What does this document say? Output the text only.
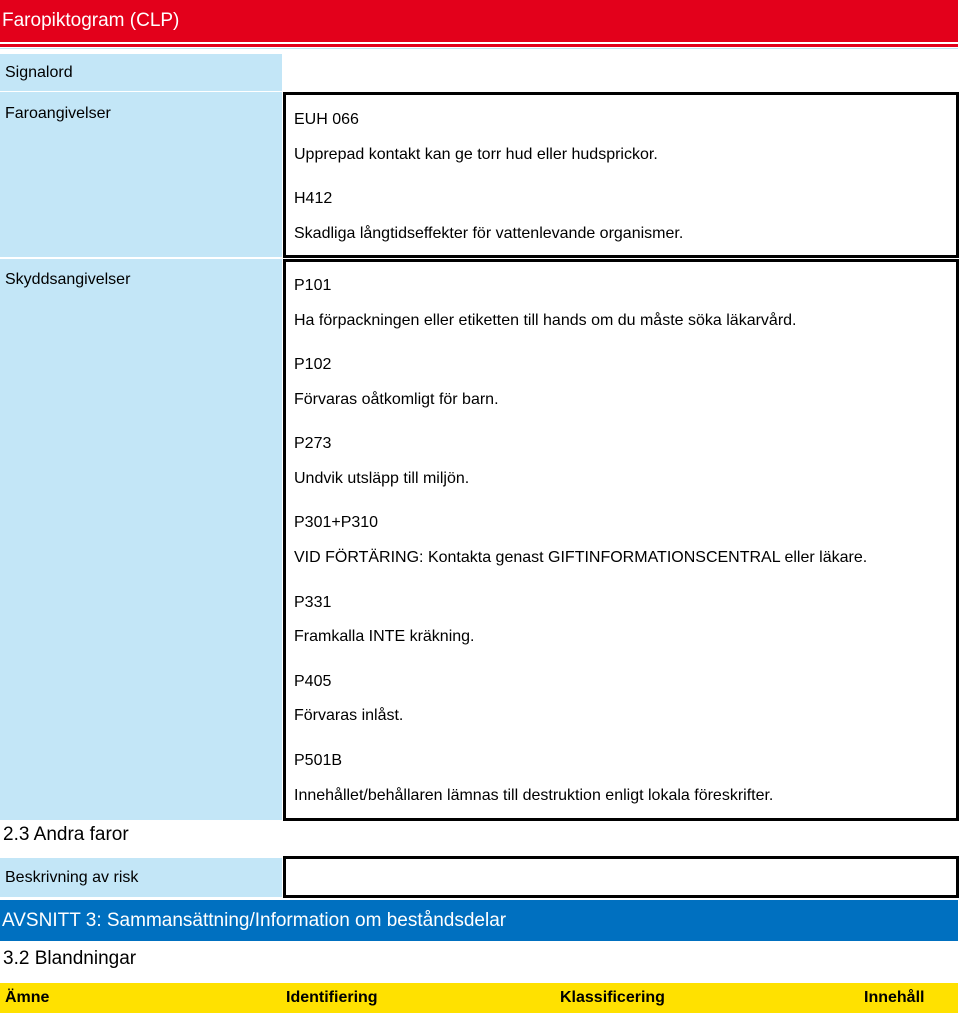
Faropiktogram (CLP)
Signalord
Faroangivelser	EUH 066
Upprepad kontakt kan ge torr hud eller hudsprickor.
H412
Skadliga långtidseffekter för vattenlevande organismer.
Skyddsangivelser	P101
Ha förpackningen eller etiketten till hands om du måste söka läkarvård.
P102
Förvaras oåtkomligt för barn.
P273
Undvik utsläpp till miljön.
P301+P310
VID FÖRTÄRING: Kontakta genast GIFTINFORMATIONSCENTRAL eller läkare.
P331
Framkalla INTE kräkning.
P405
Förvaras inlåst.
P501B
Innehållet/behållaren lämnas till destruktion enligt lokala föreskrifter.
2.3 Andra faror
Beskrivning av risk
AVSNITT 3: Sammansättning/Information om beståndsdelar
3.2 Blandningar
Ämne	Identifiering	Klassificering	Innehåll
